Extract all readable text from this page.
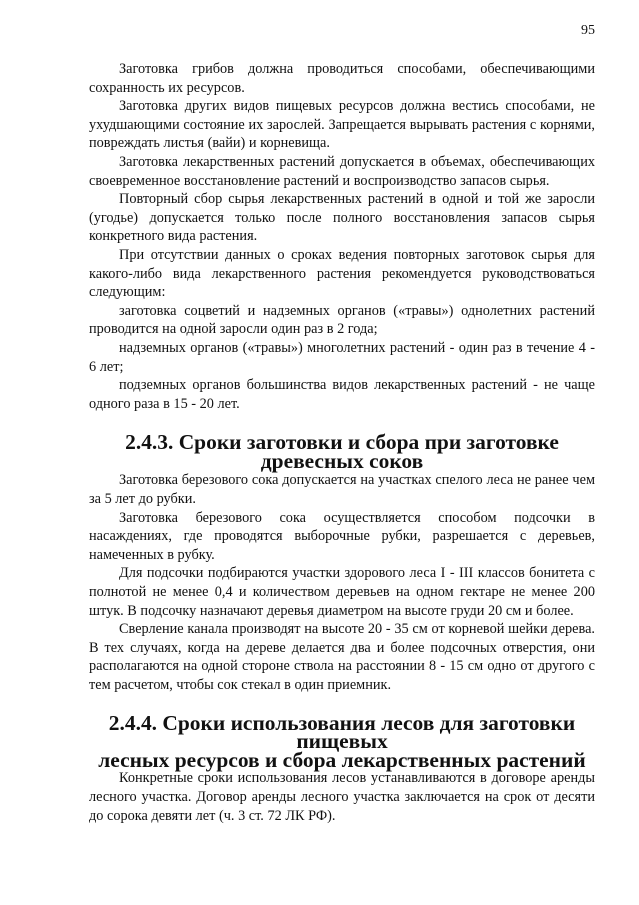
95

Заготовка грибов должна проводиться способами, обеспечивающими сохранность их ресурсов.

Заготовка других видов пищевых ресурсов должна вестись способами, не ухудшающими состояние их зарослей. Запрещается вырывать растения с корнями, повреждать листья (вайи) и корневища.

Заготовка лекарственных растений допускается в объемах, обеспечивающих своевременное восстановление растений и воспроизводство запасов сырья.

Повторный сбор сырья лекарственных растений в одной и той же заросли (угодье) допускается только после полного восстановления запасов сырья конкретного вида растения.

При отсутствии данных о сроках ведения повторных заготовок сырья для какого-либо вида лекарственного растения рекомендуется руководствоваться следующим:

заготовка соцветий и надземных органов («травы») однолетних растений проводится на одной заросли один раз в 2 года;

надземных органов («травы») многолетних растений - один раз в течение 4 - 6 лет;

подземных органов большинства видов лекарственных растений - не чаще одного раза в 15 - 20 лет.

2.4.3. Сроки заготовки и сбора при заготовке древесных соков

Заготовка березового сока допускается на участках спелого леса не ранее чем за 5 лет до рубки.

Заготовка березового сока осуществляется способом подсочки в насаждениях, где проводятся выборочные рубки, разрешается с деревьев, намеченных в рубку.

Для подсочки подбираются участки здорового леса I - III классов бонитета с полнотой не менее 0,4 и количеством деревьев на одном гектаре не менее 200 штук. В подсочку назначают деревья диаметром на высоте груди 20 см и более.

Сверление канала производят на высоте 20 - 35 см от корневой шейки дерева. В тех случаях, когда на дереве делается два и более подсочных отверстия, они располагаются на одной стороне ствола на расстоянии 8 - 15 см одно от другого с тем расчетом, чтобы сок стекал в один приемник.

2.4.4. Сроки использования лесов для заготовки пищевых
лесных ресурсов и сбора лекарственных растений

Конкретные сроки использования лесов устанавливаются в договоре аренды лесного участка. Договор аренды лесного участка заключается на срок от десяти до сорока девяти лет (ч. 3 ст. 72 ЛК РФ).
